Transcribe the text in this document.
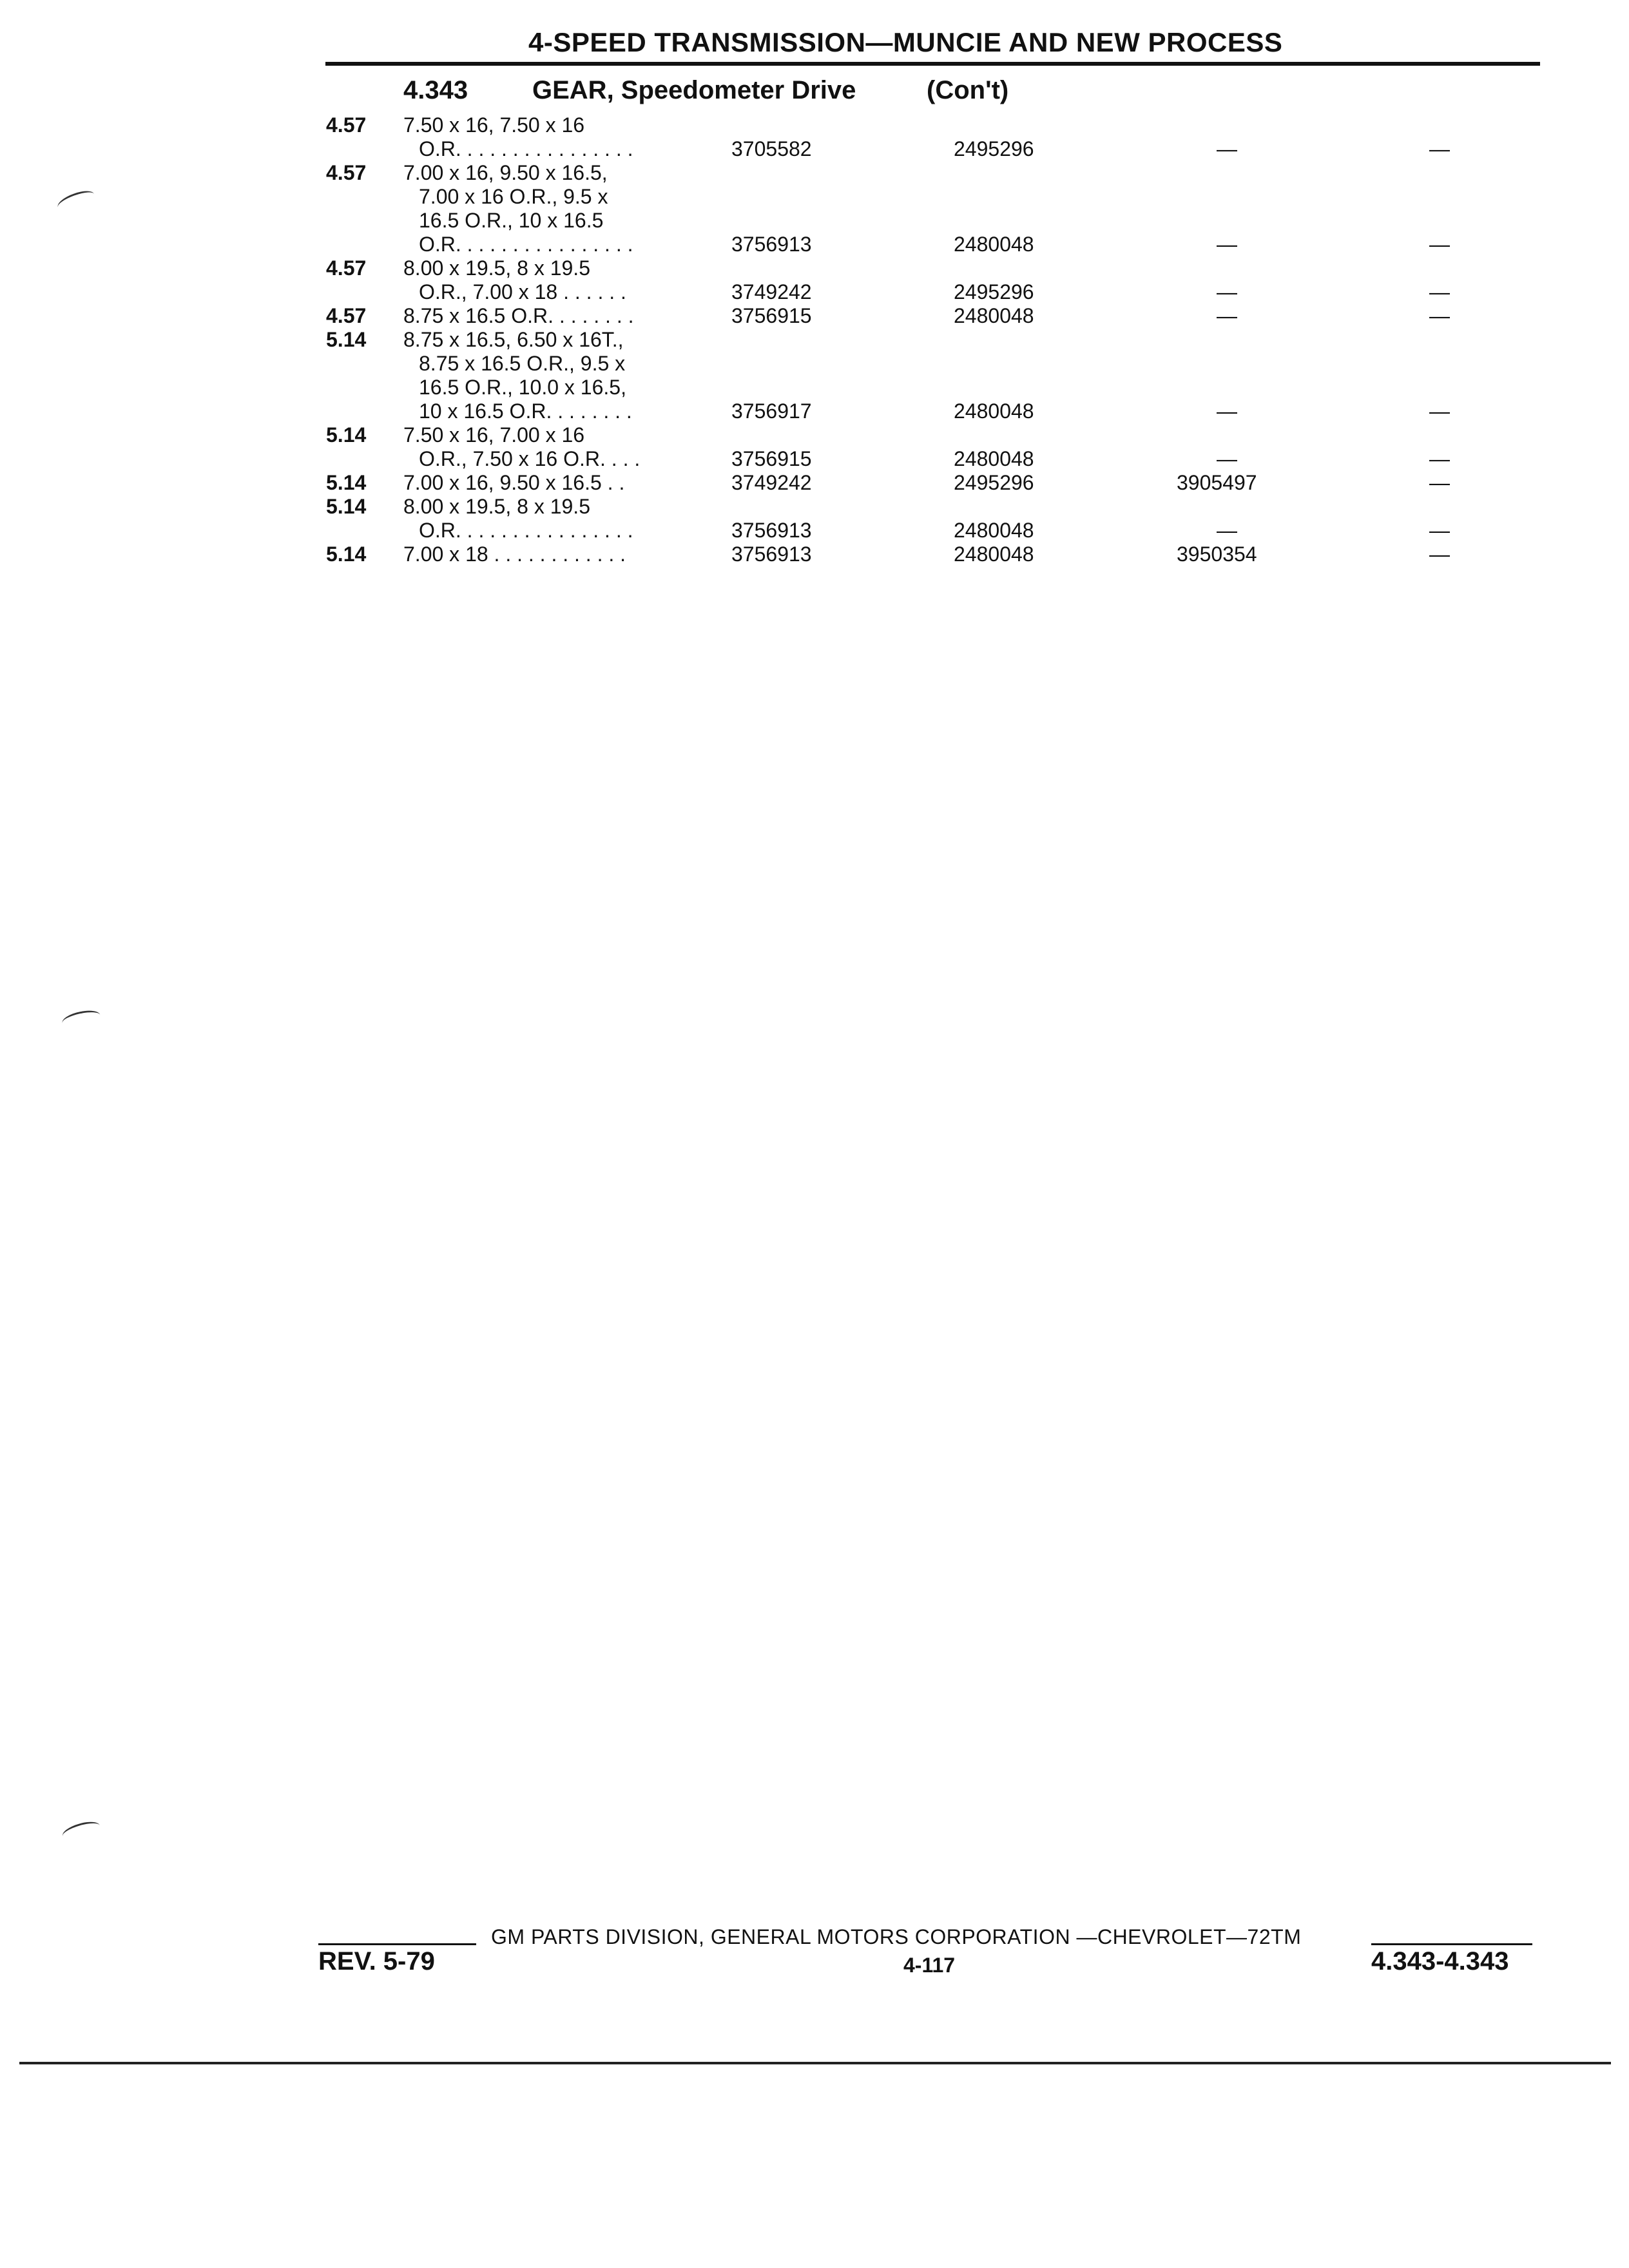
4-SPEED TRANSMISSION—MUNCIE AND NEW PROCESS
4.343 GEAR, Speedometer Drive	(Con't)
4.57 7.50 x 16, 7.50 x 16
O.R. . . . . . . . . . . . . . . .	3705582	2495296	—	—
4.57 7.00 x 16, 9.50 x 16.5,
7.00 x 16 O.R., 9.5 x
16.5 O.R., 10 x 16.5
O.R. . . . . . . . . . . . . . . .	3756913	2480048	—	—
4.57 8.00 x 19.5, 8 x 19.5
O.R., 7.00 x 18 . . . . . .	3749242	2495296	—	—
4.57 8.75 x 16.5 O.R. . . . . . . .	3756915	2480048	—	—
5.14 8.75 x 16.5, 6.50 x 16T.,
8.75 x 16.5 O.R., 9.5 x
16.5 O.R., 10.0 x 16.5,
10 x 16.5 O.R. . . . . . . .	3756917	2480048	—	—
5.14 7.50 x 16, 7.00 x 16
O.R., 7.50 x 16 O.R. . . .	3756915	2480048	—	—
5.14 7.00 x 16, 9.50 x 16.5 . .	3749242	2495296	3905497	—
5.14 8.00 x 19.5, 8 x 19.5
O.R. . . . . . . . . . . . . . . .	3756913	2480048	—	—
5.14 7.00 x 18 . . . . . . . . . . . .	3756913	2480048	3950354	—
GM PARTS DIVISION, GENERAL MOTORS CORPORATION —CHEVROLET—72TM
REV. 5-79	4-117	4.343-4.343
